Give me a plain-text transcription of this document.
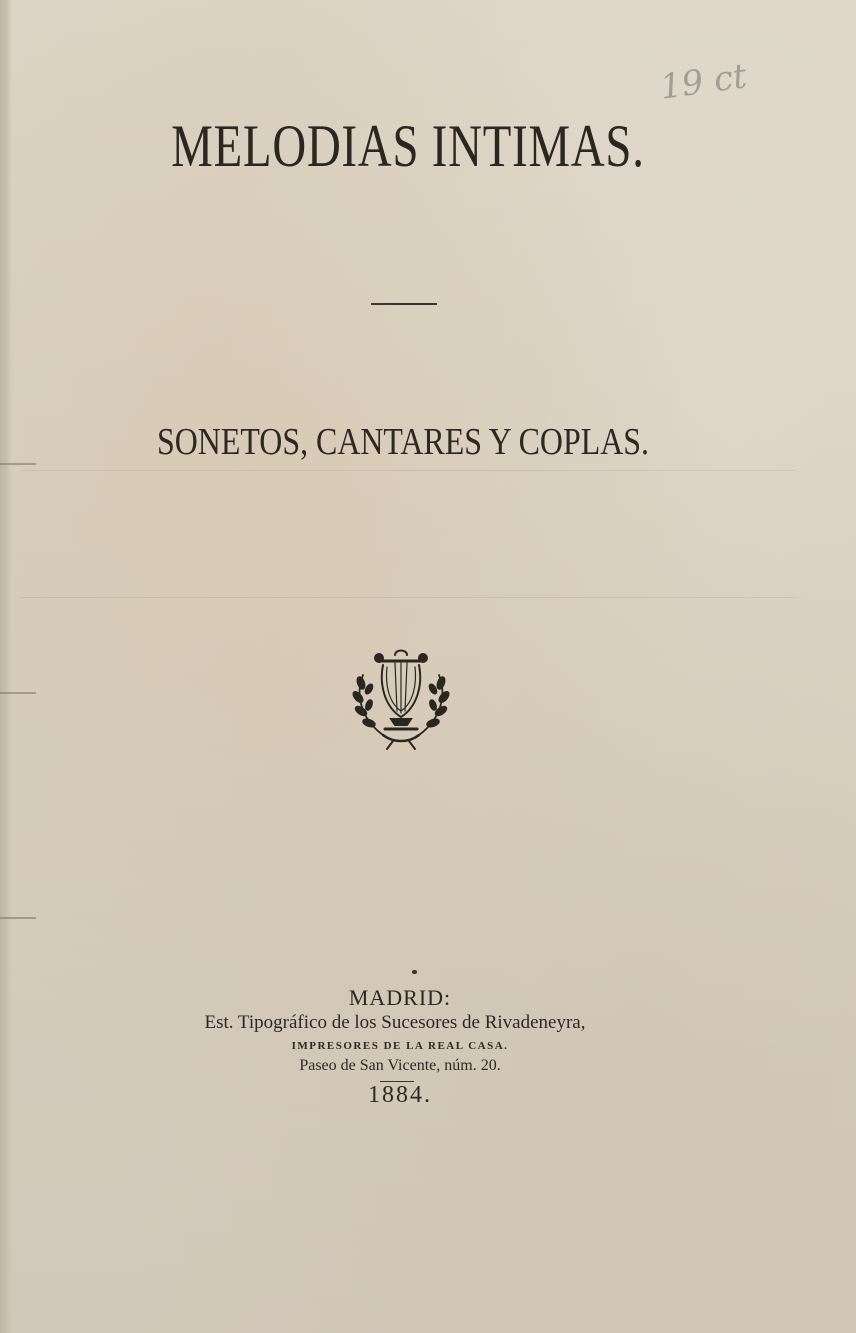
19 ct
MELODIAS INTIMAS.
SONETOS, CANTARES Y COPLAS.
MADRID:
Est. Tipográfico de los Sucesores de Rivadeneyra,
IMPRESORES DE LA REAL CASA.
Paseo de San Vicente, núm. 20.
1884.
